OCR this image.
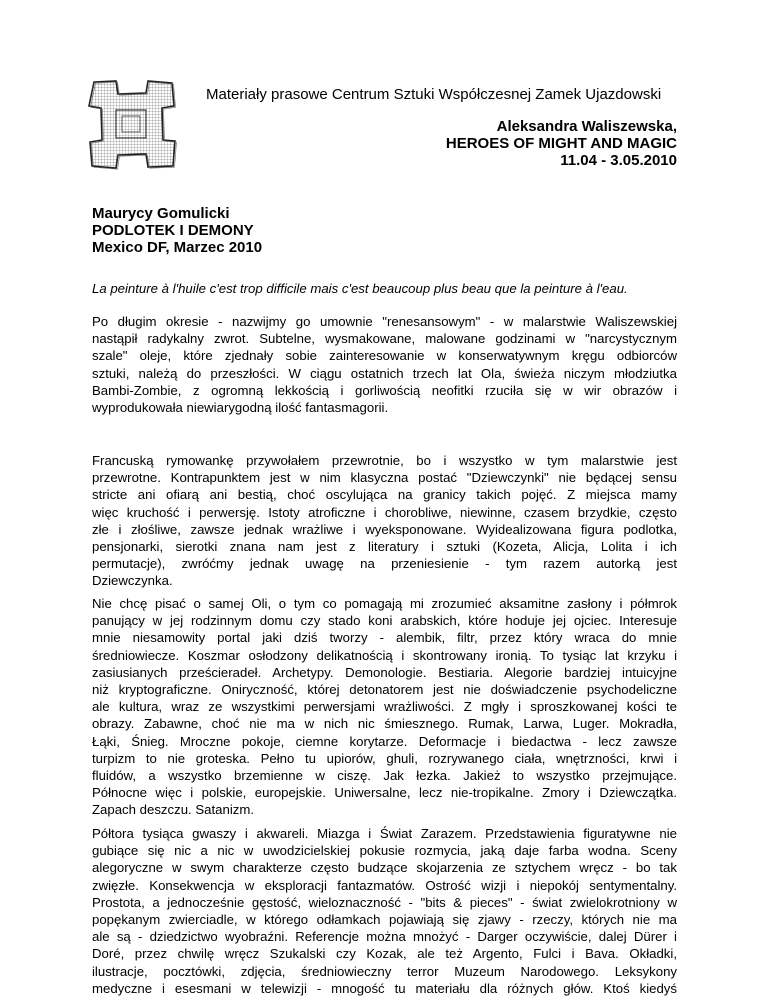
Materiały prasowe Centrum Sztuki Współczesnej Zamek Ujazdowski
Aleksandra Waliszewska,
HEROES OF MIGHT AND MAGIC
11.04 - 3.05.2010
Maurycy Gomulicki
PODLOTEK I DEMONY
Mexico DF, Marzec 2010
La peinture à l'huile c'est trop difficile mais c'est beaucoup plus beau que la peinture à l'eau.
Po długim okresie - nazwijmy go umownie "renesansowym" - w malarstwie Waliszewskiej
nastąpił radykalny zwrot. Subtelne, wysmakowane, malowane godzinami w "narcystycznym
szale" oleje, które zjednały sobie zainteresowanie w konserwatywnym kręgu odbiorców
sztuki, należą do przeszłości. W ciągu ostatnich trzech lat Ola, świeża niczym młodziutka
Bambi-Zombie, z ogromną lekkością i gorliwością neofitki rzuciła się w wir obrazów i
wyprodukowała niewiarygodną ilość fantasmagorii.
Francuską rymowankę przywołałem przewrotnie, bo i wszystko w tym malarstwie jest
przewrotne. Kontrapunktem jest w nim klasyczna postać "Dziewczynki" nie będącej sensu
stricte ani ofiarą ani bestią, choć oscylująca na granicy takich pojęć. Z miejsca mamy
więc kruchość i perwersję. Istoty atroficzne i chorobliwe, niewinne, czasem brzydkie, często
złe i złośliwe, zawsze jednak wrażliwe i wyeksponowane. Wyidealizowana figura podlotka,
pensjonarki, sierotki znana nam jest z literatury i sztuki (Kozeta, Alicja, Lolita i ich
permutacje), zwróćmy jednak uwagę na przeniesienie - tym razem autorką jest
Dziewczynka.
Nie chcę pisać o samej Oli, o tym co pomagają mi zrozumieć aksamitne zasłony i półmrok
panujący w jej rodzinnym domu czy stado koni arabskich, które hoduje jej ojciec. Interesuje
mnie niesamowity portal jaki dziś tworzy - alembik, filtr, przez który wraca do mnie
średniowiecze. Koszmar osłodzony delikatnością i skontrowany ironią. To tysiąc lat krzyku i
zasiusianych prześcieradeł. Archetypy. Demonologie. Bestiaria. Alegorie bardziej intuicyjne
niż kryptograficzne. Oniryczność, której detonatorem jest nie doświadczenie psychodeliczne
ale kultura, wraz ze wszystkimi perwersjami wrażliwości. Z mgły i sproszkowanej kości te
obrazy. Zabawne, choć nie ma w nich nic śmiesznego. Rumak, Larwa, Luger. Mokradła,
Łąki, Śnieg. Mroczne pokoje, ciemne korytarze. Deformacje i biedactwa - lecz zawsze
turpizm to nie groteska. Pełno tu upiorów, ghuli, rozrywanego ciała, wnętrzności, krwi i
fluidów, a wszystko brzemienne w ciszę. Jak łezka. Jakież to wszystko przejmujące.
Północne więc i polskie, europejskie. Uniwersalne, lecz nie-tropikalne. Zmory i Dziewczątka.
Zapach deszczu. Satanizm.
Półtora tysiąca gwaszy i akwareli. Miazga i Świat Zarazem. Przedstawienia figuratywne nie
gubiące się nic a nic w uwodzicielskiej pokusie rozmycia, jaką daje farba wodna. Sceny
alegoryczne w swym charakterze często budzące skojarzenia ze sztychem wręcz - bo tak
zwięzłe. Konsekwencja w eksploracji fantazmatów. Ostrość wizji i niepokój sentymentalny.
Prostota, a jednocześnie gęstość, wieloznaczność - "bits & pieces" - świat zwielokrotniony w
popękanym zwierciadle, w którego odłamkach pojawiają się zjawy - rzeczy, których nie ma
ale są - dziedzictwo wyobraźni. Referencje można mnożyć - Darger oczywiście, dalej Dürer i
Doré, przez chwilę wręcz Szukalski czy Kozak, ale też Argento, Fulci i Bava. Okładki,
ilustracje, pocztówki, zdjęcia, średniowieczny terror Muzeum Narodowego. Leksykony
medyczne i esesmani w telewizji - mnogość tu materiału dla różnych głów. Ktoś kiedyś
